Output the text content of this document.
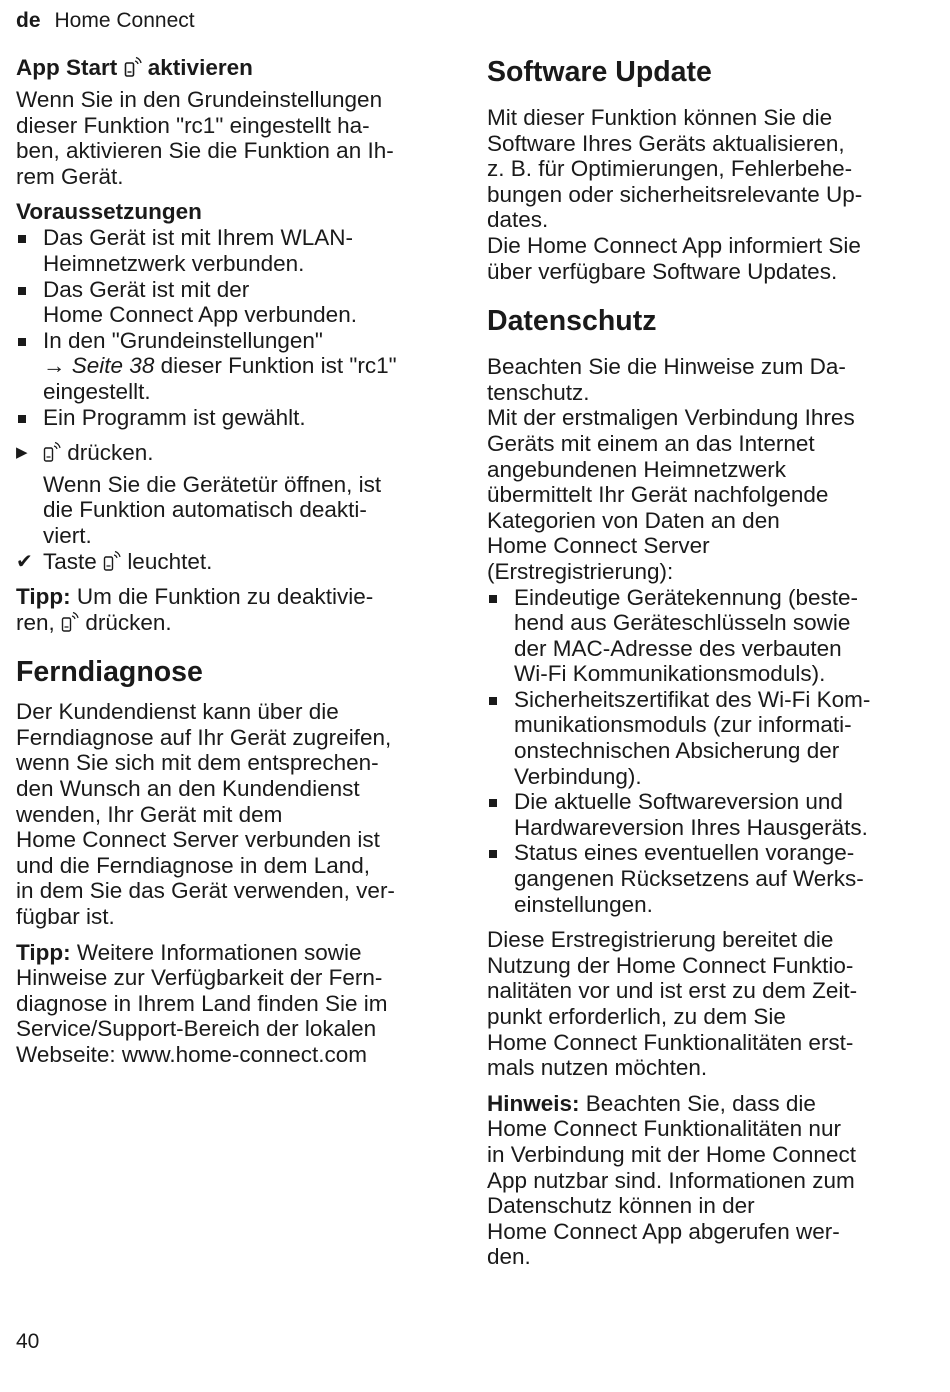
de Home Connect
App Start aktivieren

Wenn Sie in den Grundeinstellungen
dieser Funktion "rc1" eingestellt ha-
ben, aktivieren Sie die Funktion an Ih-
rem Gerät.

Voraussetzungen
Das Gerät ist mit Ihrem WLAN-
Heimnetzwerk verbunden.
Das Gerät ist mit der
Home Connect App verbunden.
In den "Grundeinstellungen"
→ Seite 38 dieser Funktion ist "rc1"
eingestellt.
Ein Programm ist gewählt.
▶ drücken.

Wenn Sie die Gerätetür öffnen, ist
die Funktion automatisch deakti-
viert.

✔ Taste leuchtet.

Tipp: Um die Funktion zu deaktivie-
ren, drücken.

Ferndiagnose

Der Kundendienst kann über die
Ferndiagnose auf Ihr Gerät zugreifen,
wenn Sie sich mit dem entsprechen-
den Wunsch an den Kundendienst
wenden, Ihr Gerät mit dem
Home Connect Server verbunden ist
und die Ferndiagnose in dem Land,
in dem Sie das Gerät verwenden, ver-
fügbar ist.

Tipp: Weitere Informationen sowie
Hinweise zur Verfügbarkeit der Fern-
diagnose in Ihrem Land finden Sie im
Service/Support-Bereich der lokalen
Webseite: www.home-connect.com

Software Update

Mit dieser Funktion können Sie die
Software Ihres Geräts aktualisieren,
z. B. für Optimierungen, Fehlerbehe-
bungen oder sicherheitsrelevante Up-
dates.
Die Home Connect App informiert Sie
über verfügbare Software Updates.

Datenschutz

Beachten Sie die Hinweise zum Da-
tenschutz.

Mit der erstmaligen Verbindung Ihres
Geräts mit einem an das Internet
angebundenen Heimnetzwerk
übermittelt Ihr Gerät nachfolgende
Kategorien von Daten an den
Home Connect Server
(Erstregistrierung):

Eindeutige Gerätekennung (beste-
hend aus Geräteschlüsseln sowie
der MAC-Adresse des verbauten
Wi-Fi Kommunikationsmoduls).
Sicherheitszertifikat des Wi-Fi Kom-
munikationsmoduls (zur informati-
onstechnischen Absicherung der
Verbindung).
Die aktuelle Softwareversion und
Hardwareversion Ihres Hausgeräts.
Status eines eventuellen vorange-
gangenen Rücksetzens auf Werks-
einstellungen.

Diese Erstregistrierung bereitet die
Nutzung der Home Connect Funktio-
nalitäten vor und ist erst zu dem Zeit-
punkt erforderlich, zu dem Sie
Home Connect Funktionalitäten erst-
mals nutzen möchten.

Hinweis: Beachten Sie, dass die
Home Connect Funktionalitäten nur
in Verbindung mit der Home Connect
App nutzbar sind. Informationen zum
Datenschutz können in der
Home Connect App abgerufen wer-
den.

40
